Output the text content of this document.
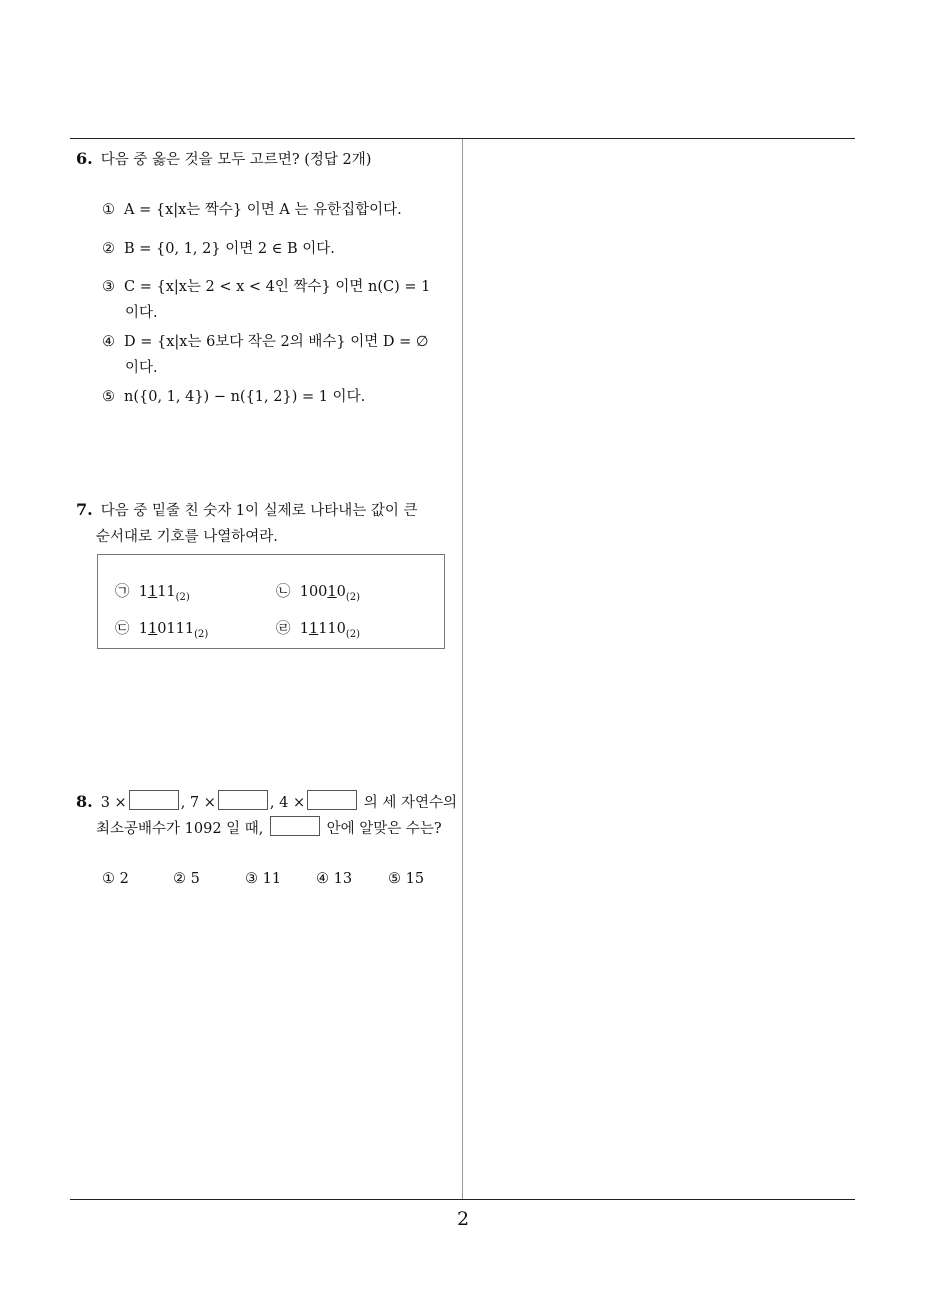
2
6. 다음 중 옳은 것을 모두 고르면? (정답 2개)
① A = {x|x는 짝수} 이면 A 는 유한집합이다.
② B = {0, 1, 2} 이면 2 ∈ B 이다.
③ C = {x|x는 2 < x < 4인 짝수} 이면 n(C) = 1
이다.
④ D = {x|x는 6보다 작은 2의 배수} 이면 D = ∅
이다.
⑤ n({0, 1, 4}) − n({1, 2}) = 1 이다.
7. 다음 중 밑줄 친 숫자 1이 실제로 나타내는 값이 큰
순서대로 기호를 나열하여라.
㉠ $1111_{(2)}$	㉡ $10010_{(2)}$
㉢ $110111_{(2)}$	㉣ $11110_{(2)}$
8. 3 ×	, 7 ×	, 4 ×	의 세 자연수의
최소공배수가 1092 일 때,	안에 알맞은 수는?
① 2	② 5	③ 11 ④ 13 ⑤ 15
